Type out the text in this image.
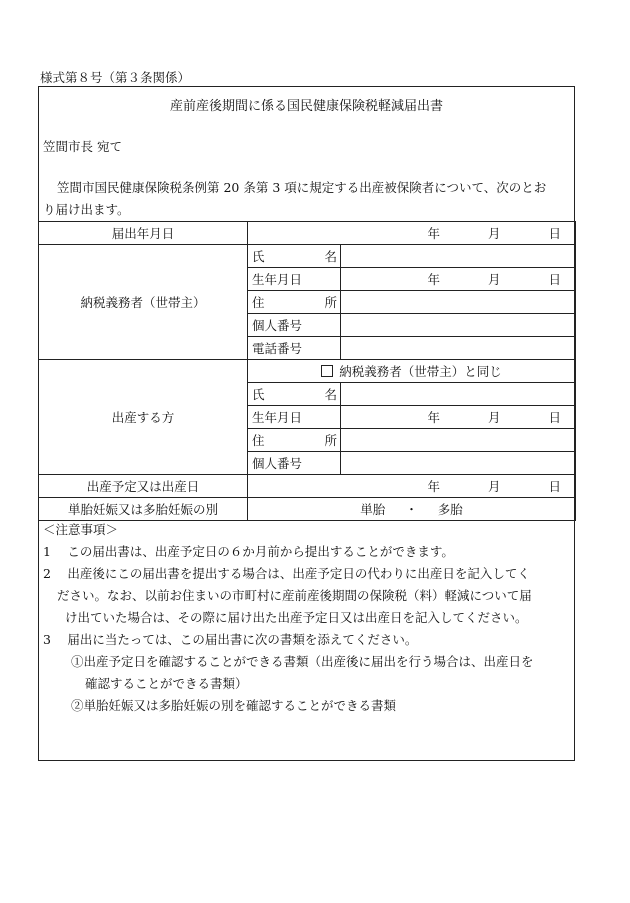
様式第８号（第３条関係）
産前産後期間に係る国民健康保険税軽減届出書
笠間市長 宛て
笠間市国民健康保険税条例第 20 条第 3 項に規定する出産被保険者について、次のとお
り届け出ます。
届出年月日	年 月 日	

納税義務者（世帯主）	氏　名	
	生年月日	年 月 日

	住　所	
	個人番号	
	電話番号	
出産する方	納税義務者（世帯主）と同じ	
	氏　名	
	生年月日	年 月 日

	住　所	
	個人番号	
出産予定又は出産日	年 月 日	

単胎妊娠又は多胎妊娠の別	単胎 ・ 多胎	
＜注意事項＞
1　 この届出書は、出産予定日の６か月前から提出することができます。
2　 出産後にこの届出書を提出する場合は、出産予定日の代わりに出産日を記入してく
ださい。なお、以前お住まいの市町村に産前産後期間の保険税（料）軽減について届
け出ていた場合は、その際に届け出た出産予定日又は出産日を記入してください。
3　 届出に当たっては、この届出書に次の書類を添えてください。
①出産予定日を確認することができる書類（出産後に届出を行う場合は、出産日を
確認することができる書類）
②単胎妊娠又は多胎妊娠の別を確認することができる書類
